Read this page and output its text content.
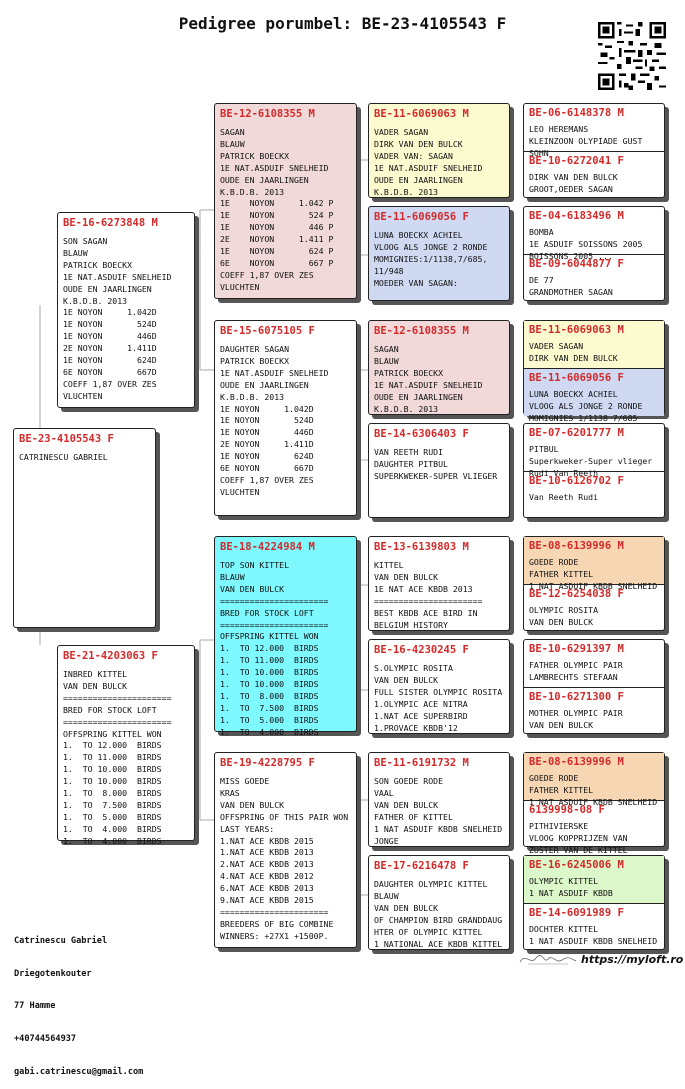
Pedigree porumbel: BE-23-4105543 F
BE-23-4105543 F
CATRINESCU GABRIEL
BE-16-6273848 M
SON SAGAN
BLAUW
PATRICK BOECKX
1E NAT.ASDUIF SNELHEID
OUDE EN JAARLINGEN
K.B.D.B. 2013
1E NOYON     1.042D
1E NOYON       524D
1E NOYON       446D
2E NOYON     1.411D
1E NOYON       624D
6E NOYON       667D
COEFF 1,87 OVER ZES
VLUCHTEN
BE-21-4203063 F
INBRED KITTEL
VAN DEN BULCK
======================
BRED FOR STOCK LOFT
======================
OFFSPRING KITTEL WON
1.  TO 12.000  BIRDS
1.  TO 11.000  BIRDS
1.  TO 10.000  BIRDS
1.  TO 10.000  BIRDS
1.  TO  8.000  BIRDS
1.  TO  7.500  BIRDS
1.  TO  5.000  BIRDS
1.  TO  4.000  BIRDS
1.  TO  4.000  BIRDS
BE-12-6108355 M
SAGAN
BLAUW
PATRICK BOECKX
1E NAT.ASDUIF SNELHEID
OUDE EN JAARLINGEN
K.B.D.B. 2013
1E    NOYON     1.042 P
1E    NOYON       524 P
1E    NOYON       446 P
2E    NOYON     1.411 P
1E    NOYON       624 P
6E    NOYON       667 P
COEFF 1,87 OVER ZES
VLUCHTEN
BE-15-6075105 F
DAUGHTER SAGAN
PATRICK BOECKX
1E NAT.ASDUIF SNELHEID
OUDE EN JAARLINGEN
K.B.D.B. 2013
1E NOYON     1.042D
1E NOYON       524D
1E NOYON       446D
2E NOYON     1.411D
1E NOYON       624D
6E NOYON       667D
COEFF 1,87 OVER ZES
VLUCHTEN
BE-18-4224984 M
TOP SON KITTEL
BLAUW
VAN DEN BULCK
======================
BRED FOR STOCK LOFT
======================
OFFSPRING KITTEL WON
1.  TO 12.000  BIRDS
1.  TO 11.000  BIRDS
1.  TO 10.000  BIRDS
1.  TO 10.000  BIRDS
1.  TO  8.000  BIRDS
1.  TO  7.500  BIRDS
1.  TO  5.000  BIRDS
1.  TO  4.000  BIRDS
BE-19-4228795 F
MISS GOEDE
KRAS
VAN DEN BULCK
OFFSPRING OF THIS PAIR WON
LAST YEARS:
1.NAT ACE KBDB 2015
1.NAT ACE KBDB 2013
2.NAT ACE KBDB 2013
4.NAT ACE KBDB 2012
6.NAT ACE KBDB 2013
9.NAT ACE KBDB 2015
======================
BREEDERS OF BIG COMBINE
WINNERS: +27X1 +1500P.
BE-11-6069063 M
VADER SAGAN
DIRK VAN DEN BULCK
VADER VAN: SAGAN
1E NAT.ASDUIF SNELHEID
OUDE EN JAARLINGEN
K.B.D.B. 2013
BE-11-6069056 F
LUNA BOECKX ACHIEL
VLOOG ALS JONGE 2 RONDE
MOMIGNIES:1/1138,7/685,
11/948
MOEDER VAN SAGAN:
BE-12-6108355 M
SAGAN
BLAUW
PATRICK BOECKX
1E NAT.ASDUIF SNELHEID
OUDE EN JAARLINGEN
K.B.D.B. 2013
BE-14-6306403 F
VAN REETH RUDI
DAUGHTER PITBUL
SUPERKWEKER-SUPER VLIEGER
BE-13-6139803 M
KITTEL
VAN DEN BULCK
1E NAT ACE KBDB 2013
======================
BEST KBDB ACE BIRD IN
BELGIUM HISTORY
BE-16-4230245 F
S.OLYMPIC ROSITA
VAN DEN BULCK
FULL SISTER OLYMPIC ROSITA
1.OLYMPIC ACE NITRA
1.NAT ACE SUPERBIRD
1.PROVACE KBDB'12
BE-11-6191732 M
SON GOEDE RODE
VAAL
VAN DEN BULCK
FATHER OF KITTEL
1 NAT ASDUIF KBDB SNELHEID
JONGE
BE-17-6216478 F
DAUGHTER OLYMPIC KITTEL
BLAUW
VAN DEN BULCK
OF CHAMPION BIRD GRANDDAUG
HTER OF OLYMPIC KITTEL
1 NATIONAL ACE KBDB KITTEL
BE-06-6148378 M
LEO HEREMANS
KLEINZOON OLYPIADE GUST
SOHN
BE-10-6272041 F
DIRK VAN DEN BULCK
GROOT,OEDER SAGAN
BE-04-6183496 M
BOMBA
1E ASDUIF SOISSONS 2005
BOISSONS 2005 ...
BE-09-6044877 F
DE 77
GRANDMOTHER SAGAN
BE-11-6069063 M
VADER SAGAN
DIRK VAN DEN BULCK
BE-11-6069056 F
LUNA BOECKX ACHIEL
VLOOG ALS JONGE 2 RONDE
MOMIGNIES 1/1138 7/685
BE-07-6201777 M
PITBUL
Superkweker-Super vlieger
Rudi Van Reeth
BE-10-6126702 F
Van Reeth Rudi
BE-08-6139996 M
GOEDE RODE
FATHER KITTEL
1 NAT ASDUIF KBDB SNELHEID
BE-12-6254038 F
OLYMPIC ROSITA
VAN DEN BULCK
BE-10-6291397 M
FATHER OLYMPIC PAIR
LAMBRECHTS STEFAAN
BE-10-6271300 F
MOTHER OLYMPIC PAIR
VAN DEN BULCK
BE-08-6139996 M
GOEDE RODE
FATHER KITTEL
1 NAT ASDUIF KBDB SNELHEID
6139998-08 F
PITHIVIERSKE
VLOOG KOPPRIJZEN VAN
ZUSTER VAN DE KITTEL
BE-16-6245006 M
OLYMPIC KITTEL
1 NAT ASDUIF KBDB
BE-14-6091989 F
DOCHTER KITTEL
1 NAT ASDUIF KBDB SNELHEID

Catrinescu Gabriel

Driegotenkouter

77 Hamme

+40744564937

gabi.catrinescu@gmail.com

https://myloft.ro
